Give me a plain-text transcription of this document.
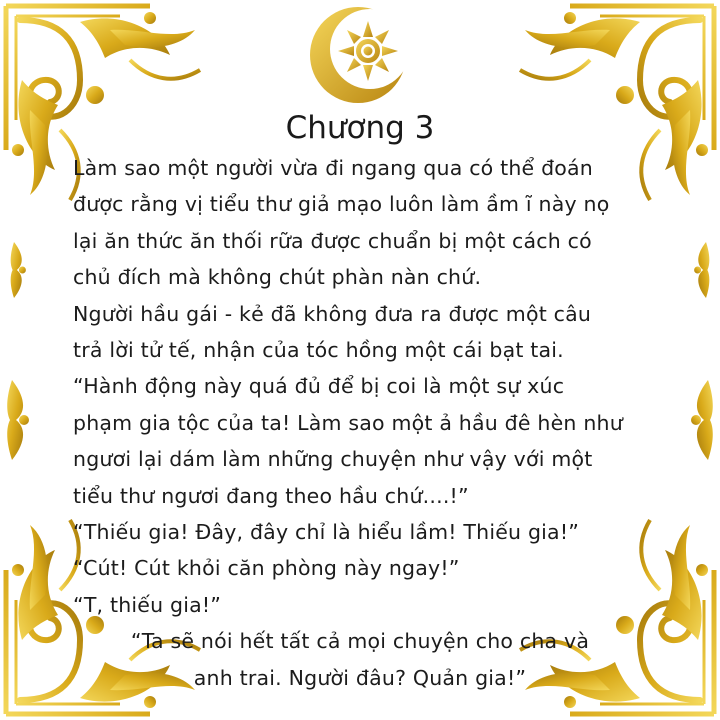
Chương 3

Làm sao một người vừa đi ngang qua có thể đoán

được rằng vị tiểu thư giả mạo luôn làm ầm ĩ này nọ

lại ăn thức ăn thối rữa được chuẩn bị một cách có

chủ đích mà không chút phàn nàn chứ.

Người hầu gái - kẻ đã không đưa ra được một câu

trả lời tử tế, nhận của tóc hồng một cái bạt tai.

“Hành động này quá đủ để bị coi là một sự xúc

phạm gia tộc của ta! Làm sao một ả hầu đê hèn như

ngươi lại dám làm những chuyện như vậy với một

tiểu thư ngươi đang theo hầu chứ....!”

“Thiếu gia! Đây, đây chỉ là hiểu lầm! Thiếu gia!”

“Cút! Cút khỏi căn phòng này ngay!”

“T, thiếu gia!”

“Ta sẽ nói hết tất cả mọi chuyện cho cha và

anh trai. Người đâu? Quản gia!”
